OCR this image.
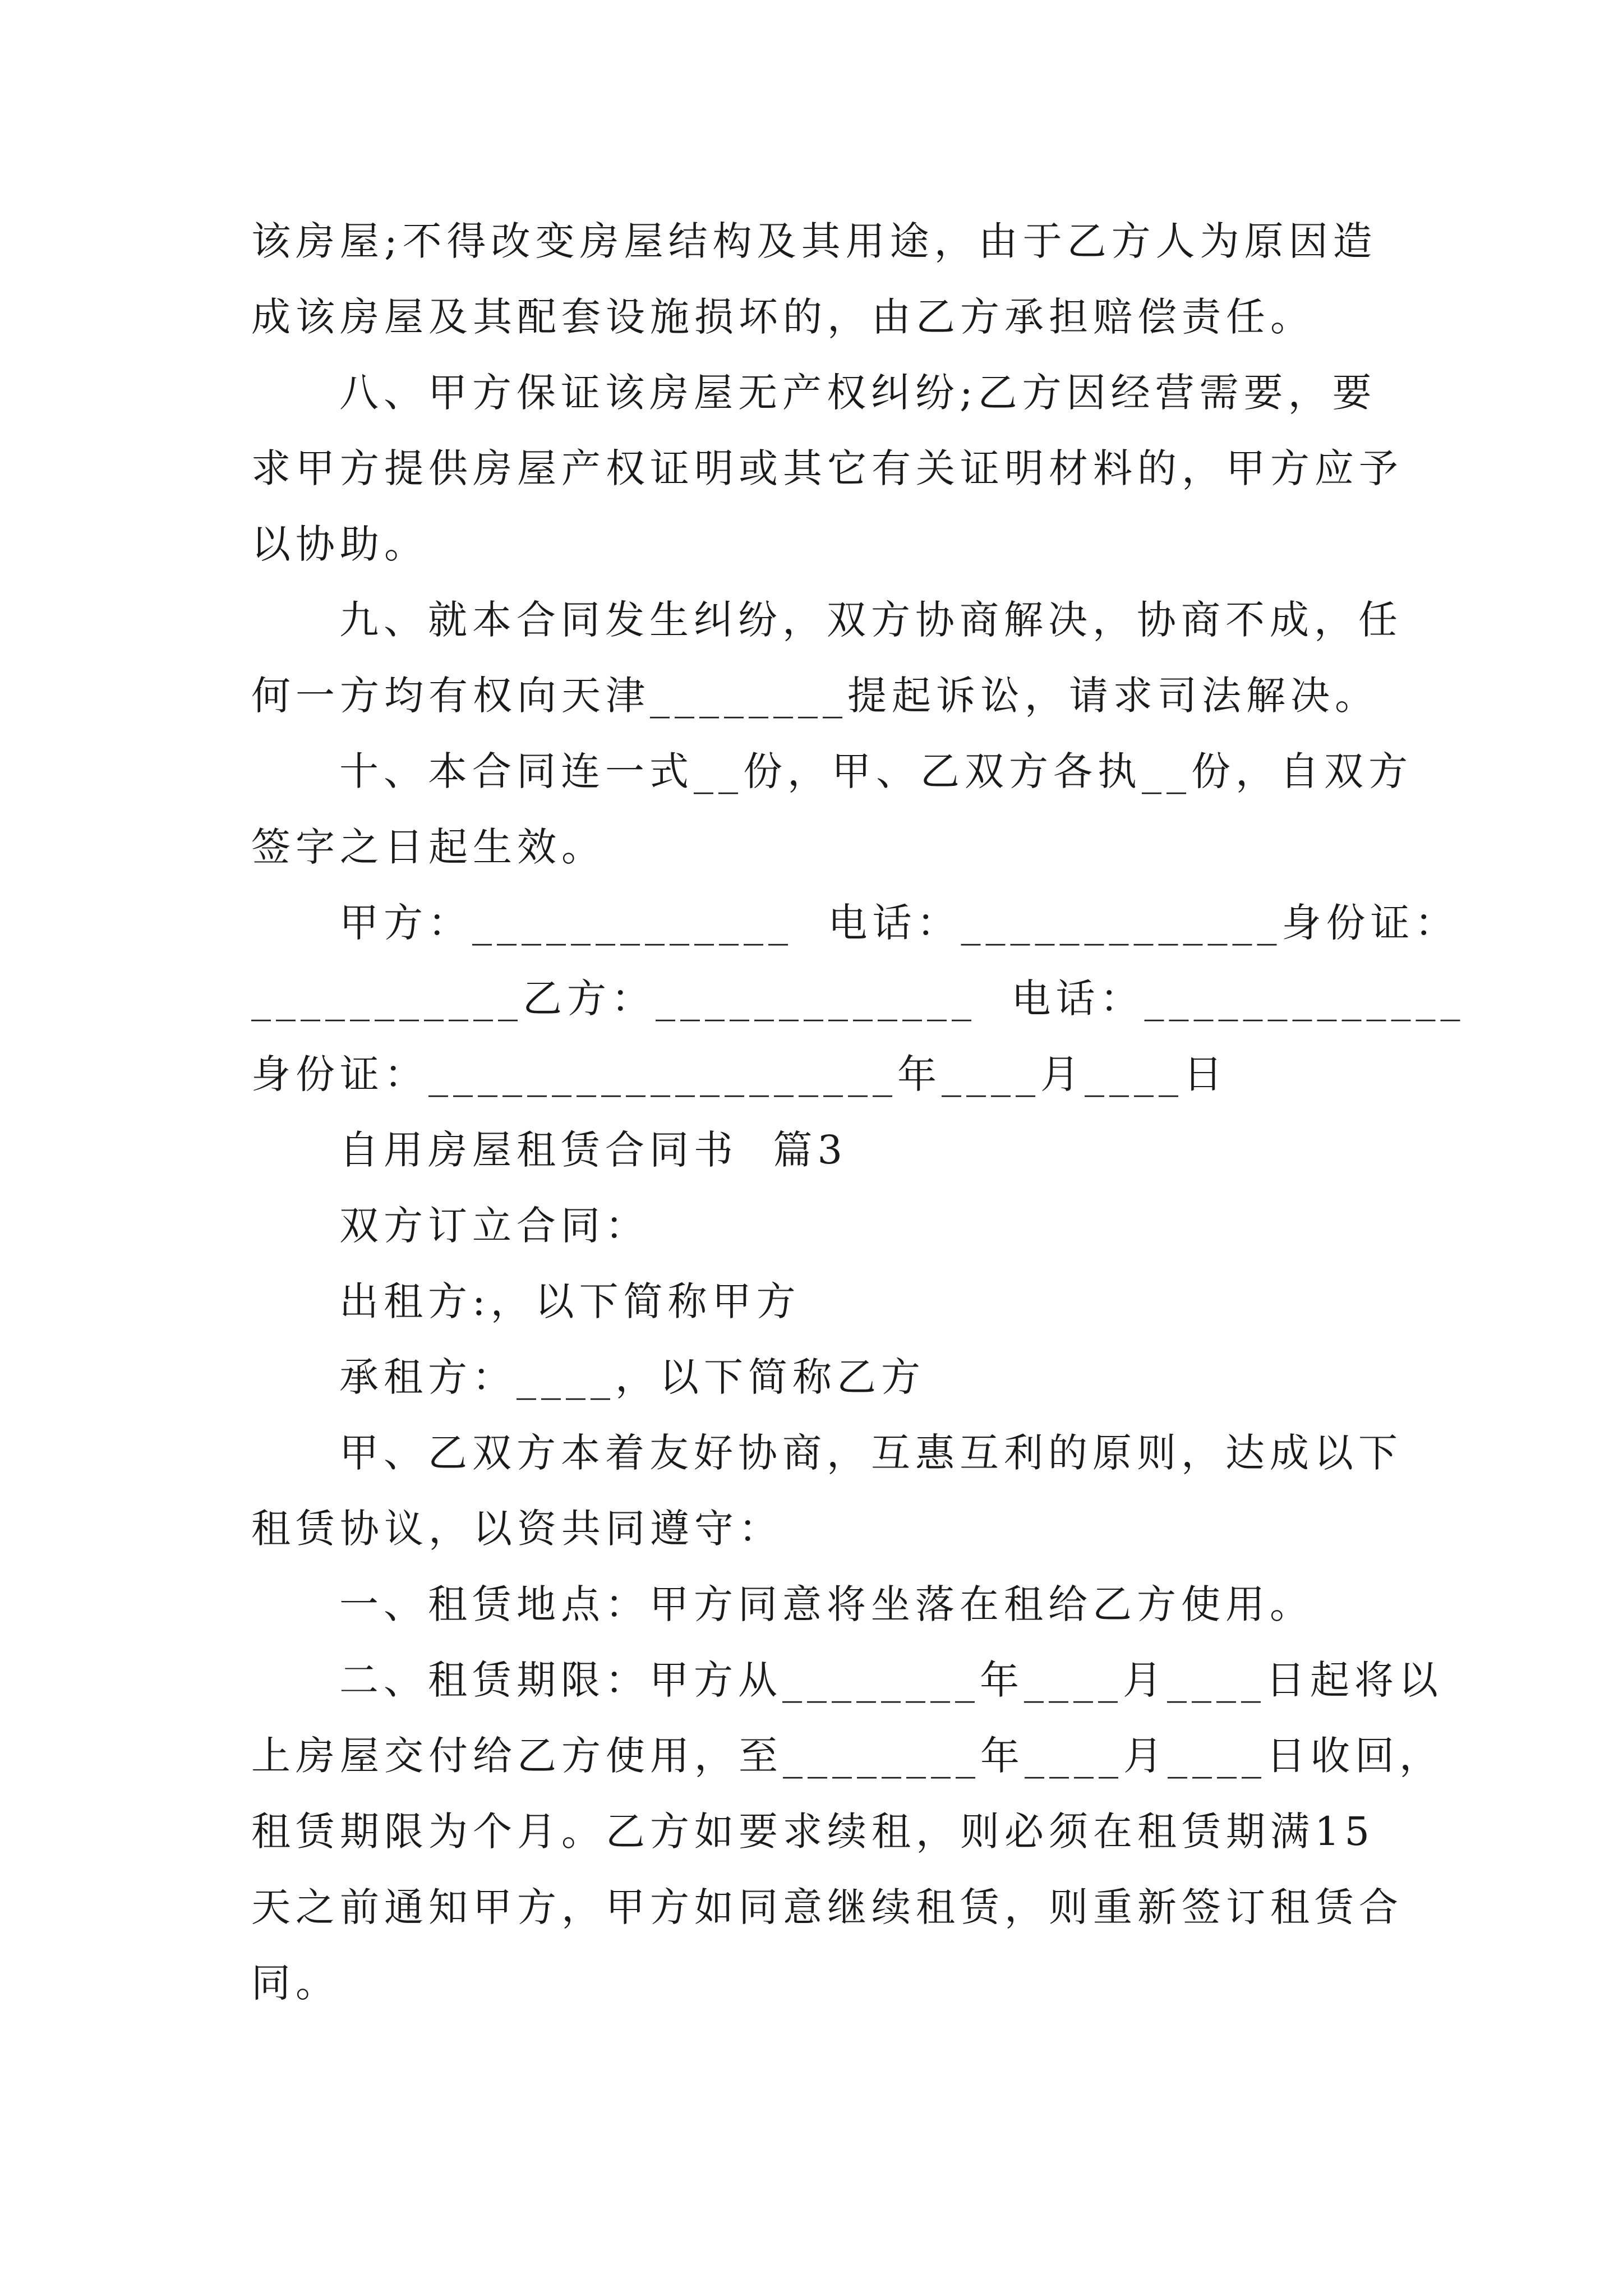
该房屋;不得改变房屋结构及其用途，由于乙方人为原因造
成该房屋及其配套设施损坏的，由乙方承担赔偿责任。
八、甲方保证该房屋无产权纠纷;乙方因经营需要，要
求甲方提供房屋产权证明或其它有关证明材料的，甲方应予
以协助。
九、就本合同发生纠纷，双方协商解决，协商不成，任
何一方均有权向天津________提起诉讼，请求司法解决。
十、本合同连一式__份，甲、乙双方各执__份，自双方
签字之日起生效。
甲方：_____________  电话：_____________身份证：
___________乙方：_____________  电话：_____________
身份证：___________________年____月____日
自用房屋租赁合同书  篇3
双方订立合同：
出租方:，以下简称甲方
承租方：____，以下简称乙方
甲、乙双方本着友好协商，互惠互利的原则，达成以下
租赁协议，以资共同遵守：
一、租赁地点：甲方同意将坐落在租给乙方使用。
二、租赁期限：甲方从________年____月____日起将以
上房屋交付给乙方使用，至________年____月____日收回，
租赁期限为个月。乙方如要求续租，则必须在租赁期满15
天之前通知甲方，甲方如同意继续租赁，则重新签订租赁合
同。
